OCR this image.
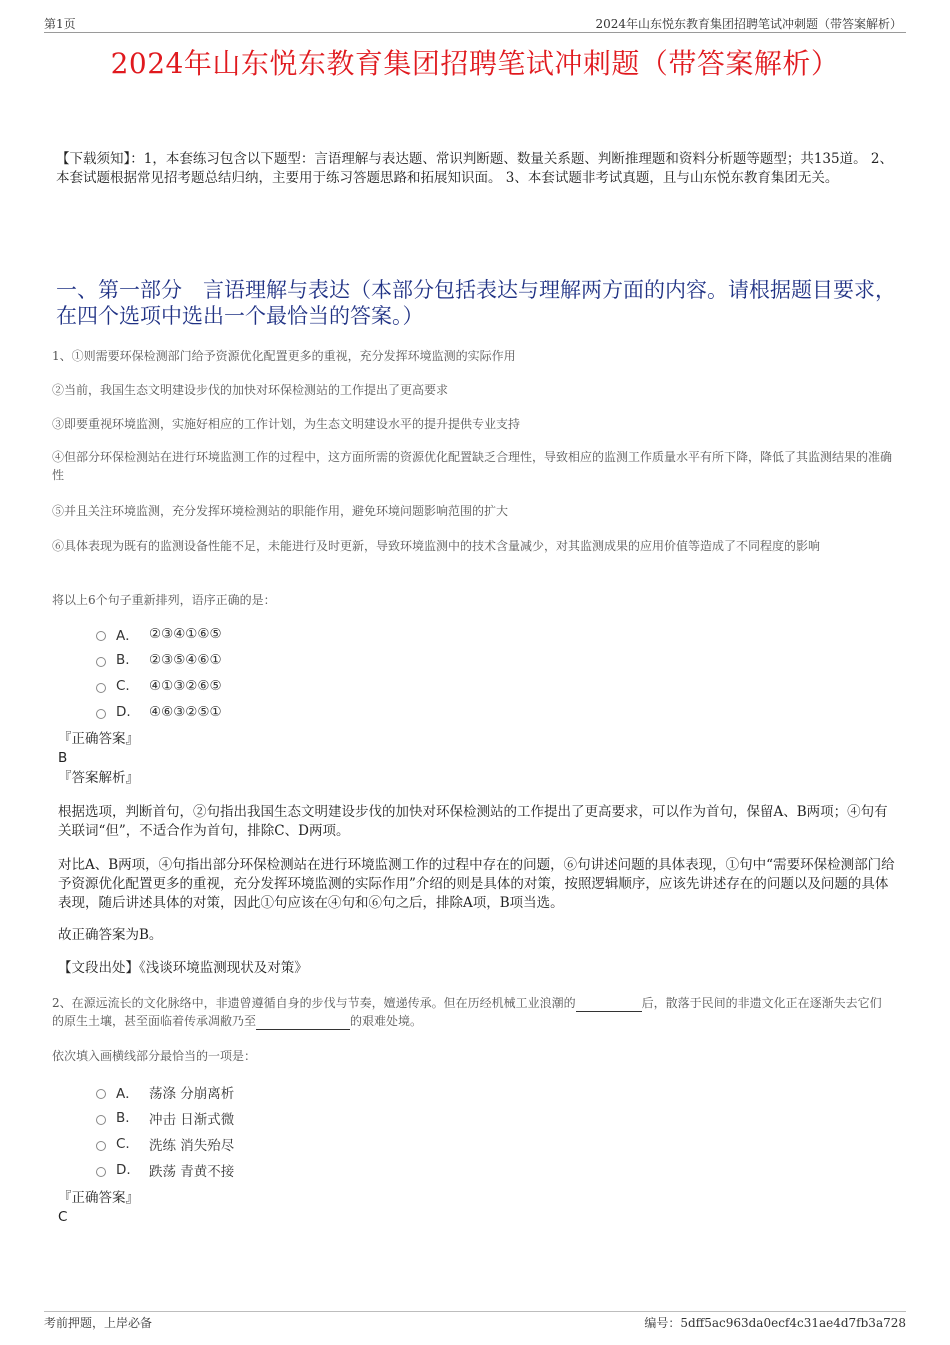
第1页	2024年山东悦东教育集团招聘笔试冲刺题（带答案解析）
2024年山东悦东教育集团招聘笔试冲刺题（带答案解析）
【下载须知】：1，本套练习包含以下题型：言语理解与表达题、常识判断题、数量关系题、判断推理题和资料分析题等题型；共135道。 2、本套试题根据常见招考题总结归纳，主要用于练习答题思路和拓展知识面。 3、本套试题非考试真题，且与山东悦东教育集团无关。
一、第一部分　言语理解与表达（本部分包括表达与理解两方面的内容。请根据题目要求，在四个选项中选出一个最恰当的答案。）
1、①则需要环保检测部门给予资源优化配置更多的重视，充分发挥环境监测的实际作用
②当前，我国生态文明建设步伐的加快对环保检测站的工作提出了更高要求
③即要重视环境监测，实施好相应的工作计划，为生态文明建设水平的提升提供专业支持
④但部分环保检测站在进行环境监测工作的过程中，这方面所需的资源优化配置缺乏合理性，导致相应的监测工作质量水平有所下降，降低了其监测结果的准确性
⑤并且关注环境监测，充分发挥环境检测站的职能作用，避免环境问题影响范围的扩大
⑥具体表现为既有的监测设备性能不足，未能进行及时更新，导致环境监测中的技术含量减少，对其监测成果的应用价值等造成了不同程度的影响
将以上6个句子重新排列，语序正确的是：
A． ②③④①⑥⑤
B.	②③⑤④⑥①
C.	④①③②⑥⑤
D.	④⑥③②⑤①
『正确答案』
B
『答案解析』
根据选项，判断首句，②句指出我国生态文明建设步伐的加快对环保检测站的工作提出了更高要求，可以作为首句，保留A、B两项；④句有关联词“但”，不适合作为首句，排除C、D两项。
对比A、B两项，④句指出部分环保检测站在进行环境监测工作的过程中存在的问题，⑥句讲述问题的具体表现，①句中“需要环保检测部门给予资源优化配置更多的重视，充分发挥环境监测的实际作用”介绍的则是具体的对策，按照逻辑顺序，应该先讲述存在的问题以及问题的具体表现，随后讲述具体的对策，因此①句应该在④句和⑥句之后，排除A项，B项当选。
故正确答案为B。
【文段出处】《浅谈环境监测现状及对策》
2、在源远流长的文化脉络中，非遗曾遵循自身的步伐与节奏，嬗递传承。但在历经机械工业浪潮的	后，散落于民间的非遗文化正在逐渐失去它们的原生土壤，甚至面临着传承凋敝乃至	的艰难处境。
依次填入画横线部分最恰当的一项是：
A． 荡涤 分崩离析
B.	冲击 日渐式微
C.	洗练 消失殆尽
D.	跌荡 青黄不接
『正确答案』
C
考前押题，上岸必备	编号：5dff5ac963da0ecf4c31ae4d7fb3a728
